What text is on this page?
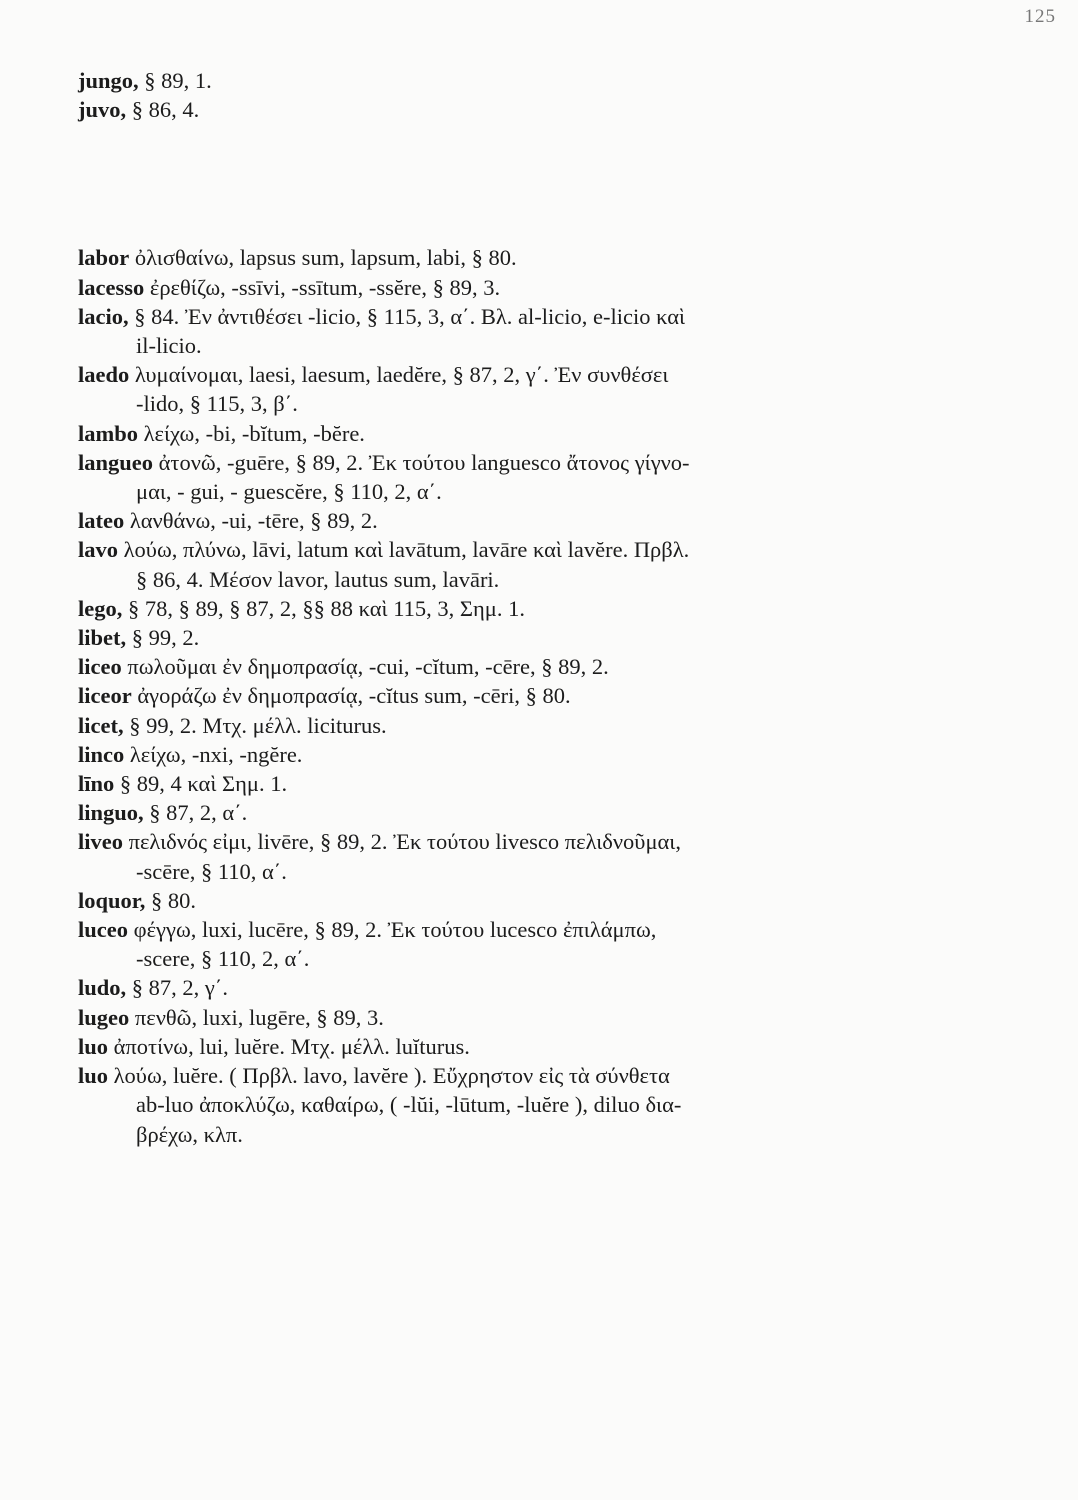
125
jungo, § 89, 1.
juvo, § 86, 4.
labor ὀλισθαίνω, lapsus sum, lapsum, labi, § 80.
lacesso ἐρεθίζω, -ssīvi, -ssītum, -ssĕre, § 89, 3.
lacio, § 84. Ἐν ἀντιθέσει -licio, § 115, 3, α΄. Βλ. al-licio, e-licio καὶ
il-licio.
laedo λυμαίνομαι, laesi, laesum, laedĕre, § 87, 2, γ΄. Ἐν συνθέσει
-lido, § 115, 3, β΄.
lambo λείχω, -bi, -bĭtum, -bĕre.
langueo ἀτονῶ, -guēre, § 89, 2. Ἐκ τούτου languesco ἄτονος γίγνο-
μαι, - gui, - guescĕre, § 110, 2, α΄.
lateo λανθάνω, -ui, -tēre, § 89, 2.
lavo λούω, πλύνω, lāvi, latum καὶ lavātum, lavāre καὶ lavĕre. Πρβλ.
§ 86, 4. Μέσον lavor, lautus sum, lavāri.
lego, § 78, § 89, § 87, 2, §§ 88 καὶ 115, 3, Σημ. 1.
libet, § 99, 2.
liceo πωλοῦμαι ἐν δημοπρασίᾳ, -cui, -cĭtum, -cēre, § 89, 2.
liceor ἀγοράζω ἐν δημοπρασίᾳ, -cĭtus sum, -cēri, § 80.
licet, § 99, 2. Μτχ. μέλλ. liciturus.
linco λείχω, -nxi, -ngĕre.
līno § 89, 4 καὶ Σημ. 1.
linguo, § 87, 2, α΄.
liveo πελιδνός εἰμι, livēre, § 89, 2. Ἐκ τούτου livesco πελιδνοῦμαι,
-scēre, § 110, α΄.
loquor, § 80.
luceo φέγγω, luxi, lucēre, § 89, 2. Ἐκ τούτου lucesco ἐπιλάμπω,
-scere, § 110, 2, α΄.
ludo, § 87, 2, γ΄.
lugeo πενθῶ, luxi, lugēre, § 89, 3.
luo ἀποτίνω, lui, luĕre. Μτχ. μέλλ. luĭturus.
luo λούω, luĕre. ( Πρβλ. lavo, lavĕre ). Εὔχρηστον εἰς τὰ σύνθετα
ab-luo ἀποκλύζω, καθαίρω, ( -lŭi, -lūtum, -luĕre ), diluo δια-
βρέχω, κλπ.
